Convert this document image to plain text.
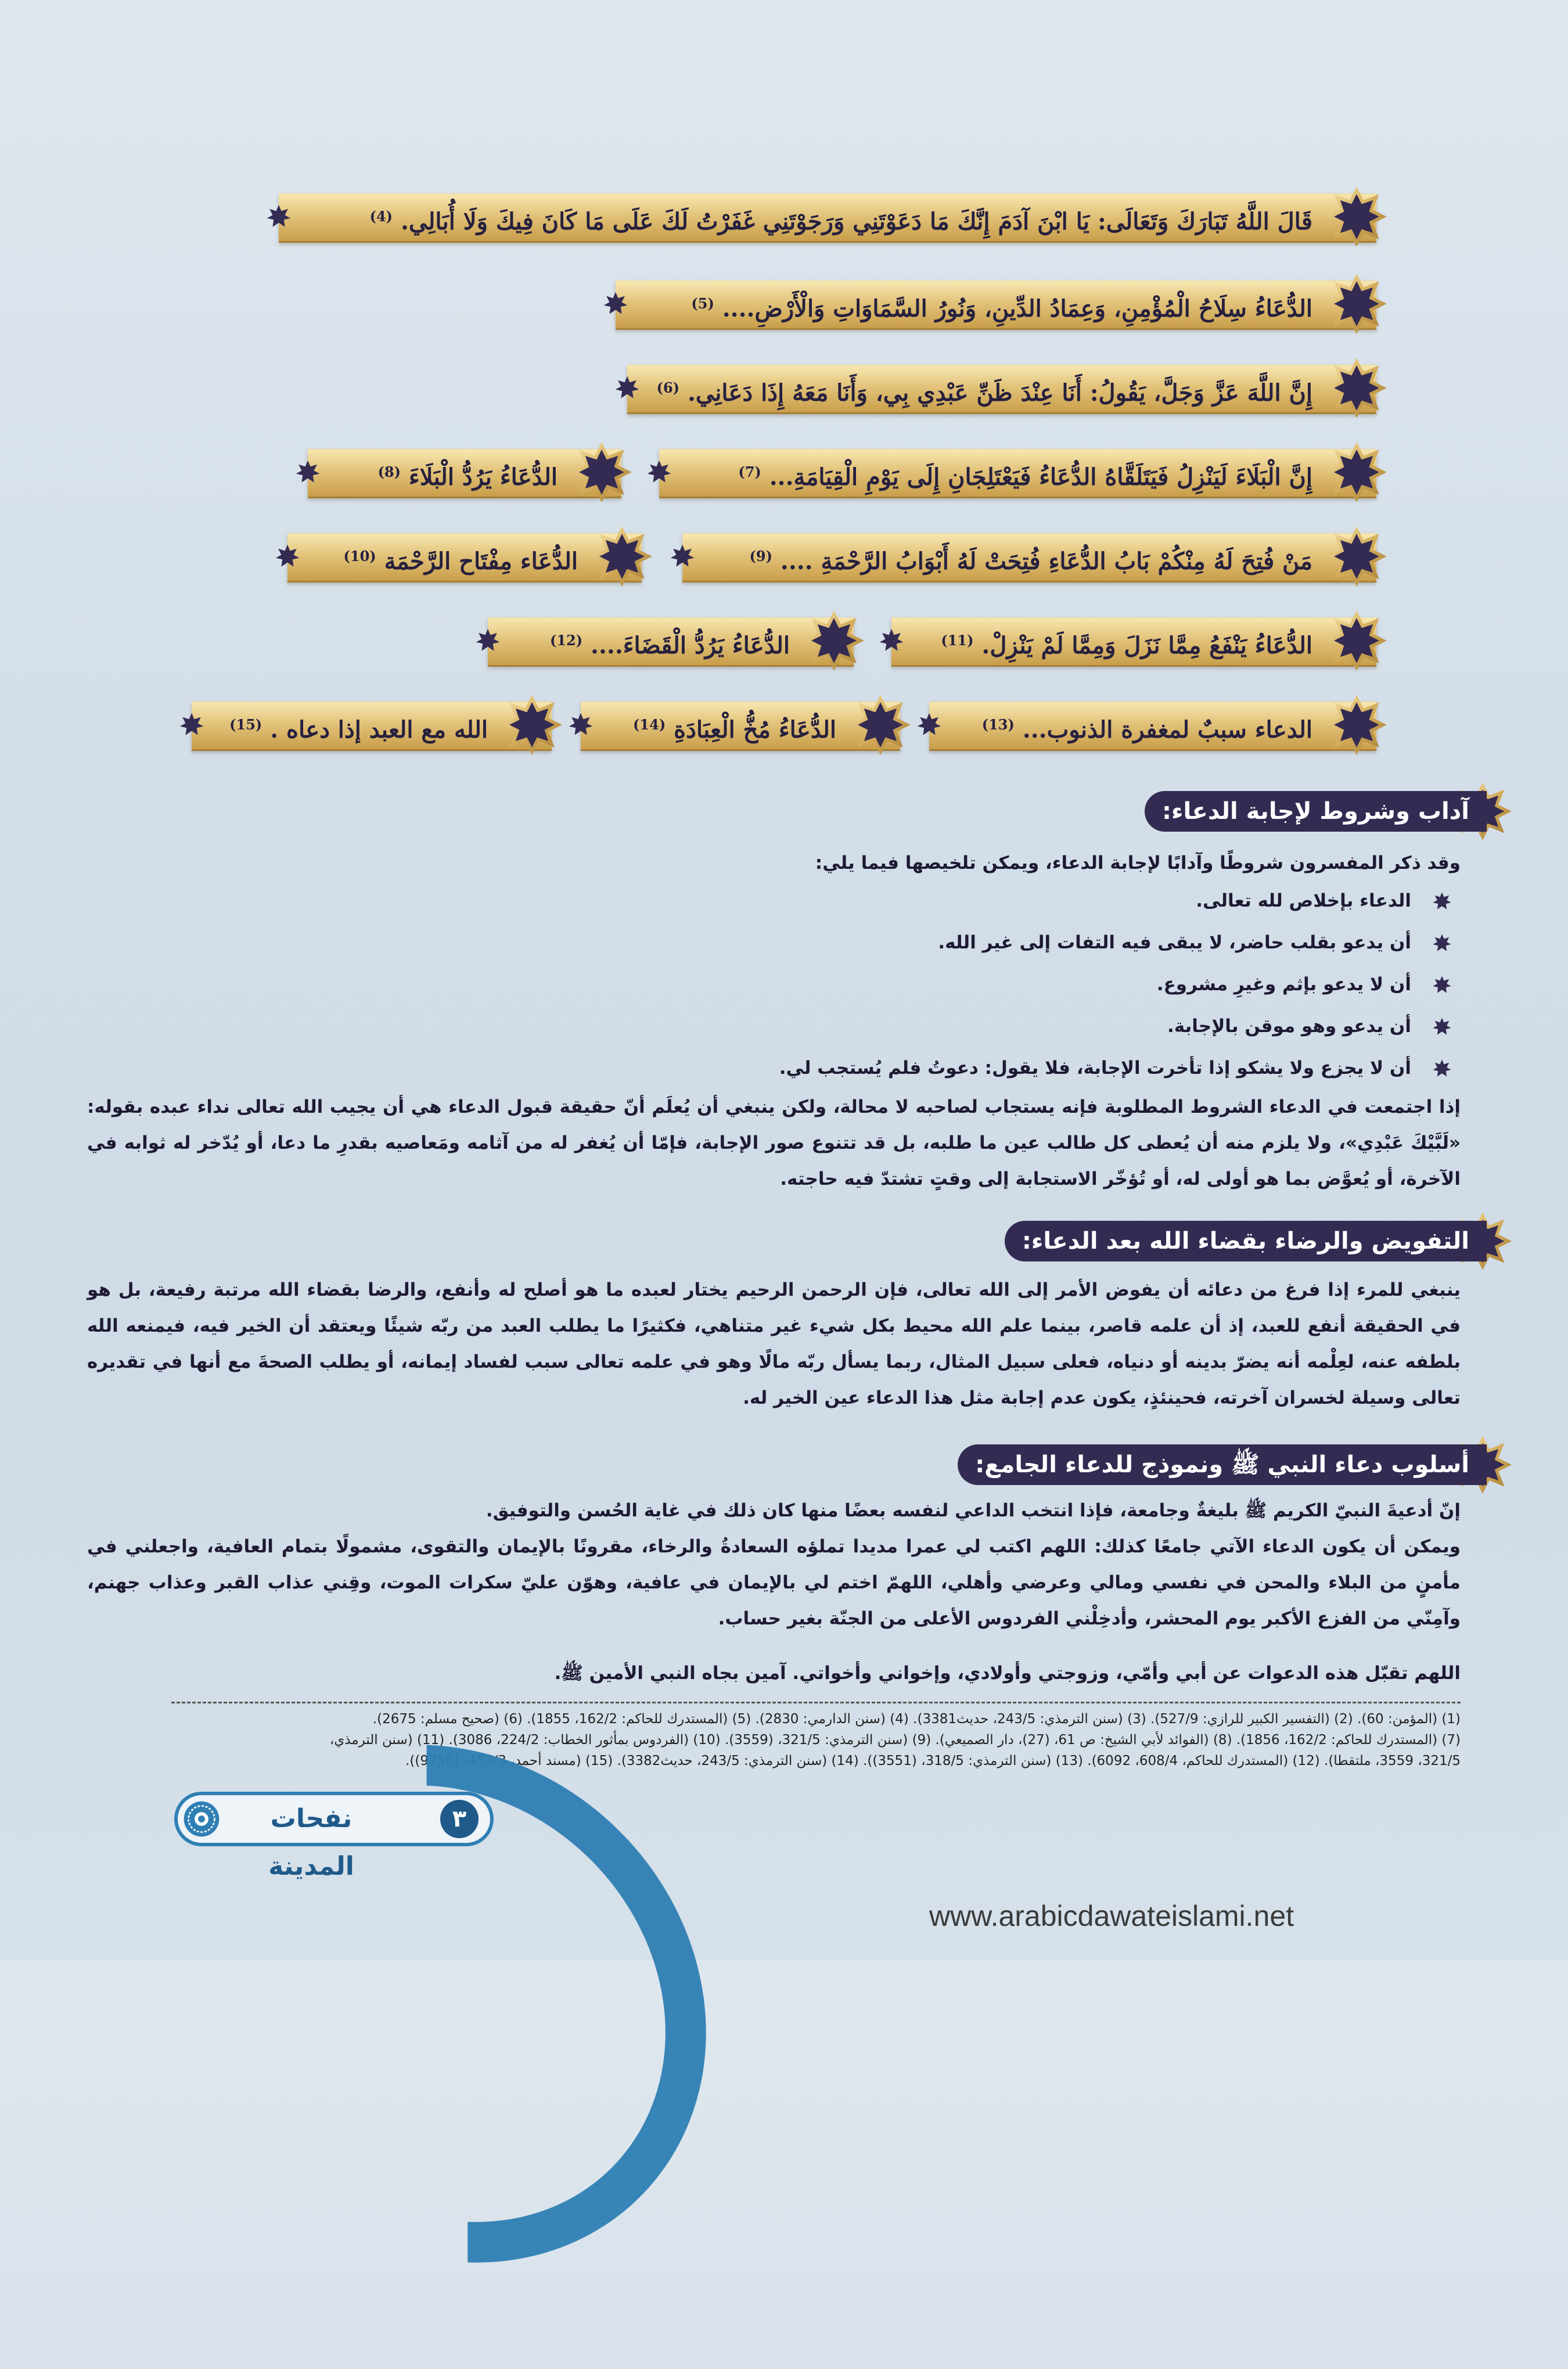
قَالَ اللَّهُ تَبَارَكَ وَتَعَالَى: يَا ابْنَ آدَمَ إِنَّكَ مَا دَعَوْتَنِي وَرَجَوْتَنِي غَفَرْتُ لَكَ عَلَى مَا كَانَ فِيكَ وَلَا أُبَالِي. $^{(4)}$
الدُّعَاءُ سِلَاحُ الْمُؤْمِنِ، وَعِمَادُ الدِّينِ، وَنُورُ السَّمَاوَاتِ وَالْأَرْضِ.... $^{(5)}$
إِنَّ اللَّهَ عَزَّ وَجَلَّ، يَقُولُ: أَنَا عِنْدَ ظَنِّ عَبْدِي بِي، وَأَنَا مَعَهُ إِذَا دَعَانِي. $^{(6)}$
إِنَّ الْبَلَاءَ لَيَنْزِلُ فَيَتَلَقَّاهُ الدُّعَاءُ فَيَعْتَلِجَانِ إِلَى يَوْمِ الْقِيَامَةِ... $^{(7)}$
الدُّعَاءُ يَرُدُّ الْبَلَاءَ $^{(8)}$
مَنْ فُتِحَ لَهُ مِنْكُمْ بَابُ الدُّعَاءِ فُتِحَتْ لَهُ أَبْوَابُ الرَّحْمَةِ .... $^{(9)}$
الدُّعَاء مِفْتَاح الرَّحْمَة $^{(10)}$
الدُّعَاءُ يَنْفَعُ مِمَّا نَزَلَ وَمِمَّا لَمْ يَنْزِلْ. $^{(11)}$
الدُّعَاءُ يَرُدُّ الْقَضَاءَ.... $^{(12)}$
الدعاء سببٌ لمغفرة الذنوب... $^{(13)}$
الدُّعَاءُ مُخُّ الْعِبَادَةِ $^{(14)}$
الله مع العبد إذا دعاه . $^{(15)}$
آداب وشروط لإجابة الدعاء:
وقد ذكر المفسرون شروطًا وآدابًا لإجابة الدعاء، ويمكن تلخيصها فيما يلي:
الدعاء بإخلاص لله تعالى.
أن يدعو بقلب حاضر، لا يبقى فيه التفات إلى غير الله.
أن لا يدعو بإثم وغيرِ مشروع.
أن يدعو وهو موقن بالإجابة.
أن لا يجزع ولا يشكو إذا تأخرت الإجابة، فلا يقول: دعوتُ فلم يُستجب لي.
إذا اجتمعت في الدعاء الشروط المطلوبة فإنه يستجاب لصاحبه لا محالة، ولكن ينبغي أن يُعلَم أنّ حقيقة قبول الدعاء هي أن يجيب الله تعالى نداء عبده بقوله: «لَبَّيْكَ عَبْدِي»، ولا يلزم منه أن يُعطى كل طالب عين ما طلبه، بل قد تتنوع صور الإجابة، فإمّا أن يُغفر له من آثامه ومَعاصيه بقدرِ ما دعا، أو يُدّخر له ثوابه في الآخرة، أو يُعوَّض بما هو أولى له، أو تُؤخّر الاستجابة إلى وقتٍ تشتدّ فيه حاجته.
التفويض والرضاء بقضاء الله بعد الدعاء:
ينبغي للمرء إذا فرغ من دعائه أن يفوض الأمر إلى الله تعالى، فإن الرحمن الرحيم يختار لعبده ما هو أصلح له وأنفع، والرضا بقضاء الله مرتبة رفيعة، بل هو في الحقيقة أنفع للعبد، إذ أن علمه قاصر، بينما علم الله محيط بكل شيء غير متناهي، فكثيرًا ما يطلب العبد من ربّه شيئًا ويعتقد أن الخير فيه، فيمنعه الله بلطفه عنه، لعِلْمه أنه يضرّ بدينه أو دنياه، فعلى سبيل المثال، ربما يسأل ربّه مالًا وهو في علمه تعالى سبب لفساد إيمانه، أو يطلب الصحةَ مع أنها في تقديره تعالى وسيلة لخسران آخرته، فحينئذٍ، يكون عدم إجابة مثل هذا الدعاء عين الخير له.
أسلوب دعاء النبي ﷺ ونموذج للدعاء الجامع:
إنّ أدعيةَ النبيّ الكريم ﷺ بليغةٌ وجامعة، فإذا انتخب الداعي لنفسه بعضًا منها كان ذلك في غاية الحُسن والتوفيق.
ويمكن أن يكون الدعاء الآتي جامعًا كذلك: اللهم اكتب لي عمرا مديدا تملؤه السعادةُ والرخاء، مقرونًا بالإيمان والتقوى، مشمولًا بتمام العافية، واجعلني في مأمنٍ من البلاء والمحن في نفسي ومالي وعرضي وأهلي، اللهمّ اختم لي بالإيمان في عافية، وهوّن عليّ سكرات الموت، وقِني عذاب القبر وعذاب جهنم، وآمِنّي من الفزع الأكبر يوم المحشر، وأدخِلْني الفردوس الأعلى من الجنّة بغير حساب.
اللهم تقبّل هذه الدعوات عن أبي وأمّي، وزوجتي وأولادي، وإخواني وأخواتي. آمين بجاه النبي الأمين ﷺ.
(1) (المؤمن: 60). (2) (التفسير الكبير للرازي: 527/9). (3) (سنن الترمذي: 243/5، حديث3381). (4) (سنن الدارمي: 2830). (5) (المستدرك للحاكم: 162/2، 1855). (6) (صحيح مسلم: 2675).
(7) (المستدرك للحاكم: 162/2، 1856). (8) (الفوائد لأبي الشيخ: ص 61، (27)، دار الصميعي). (9) (سنن الترمذي: 321/5، (3559). (10) (الفردوس بمأثور الخطاب: 224/2، 3086). (11) (سنن الترمذي،
321/5، 3559، ملتقطا). (12) (المستدرك للحاكم، 608/4، 6092). (13) (سنن الترمذي: 318/5، (3551)). (14) (سنن الترمذي: 243/5، حديث3382). (15) (مسند أحمد، 453/3، (9756)).
نفحات المدينة
٣
www.arabicdawateislami.net
